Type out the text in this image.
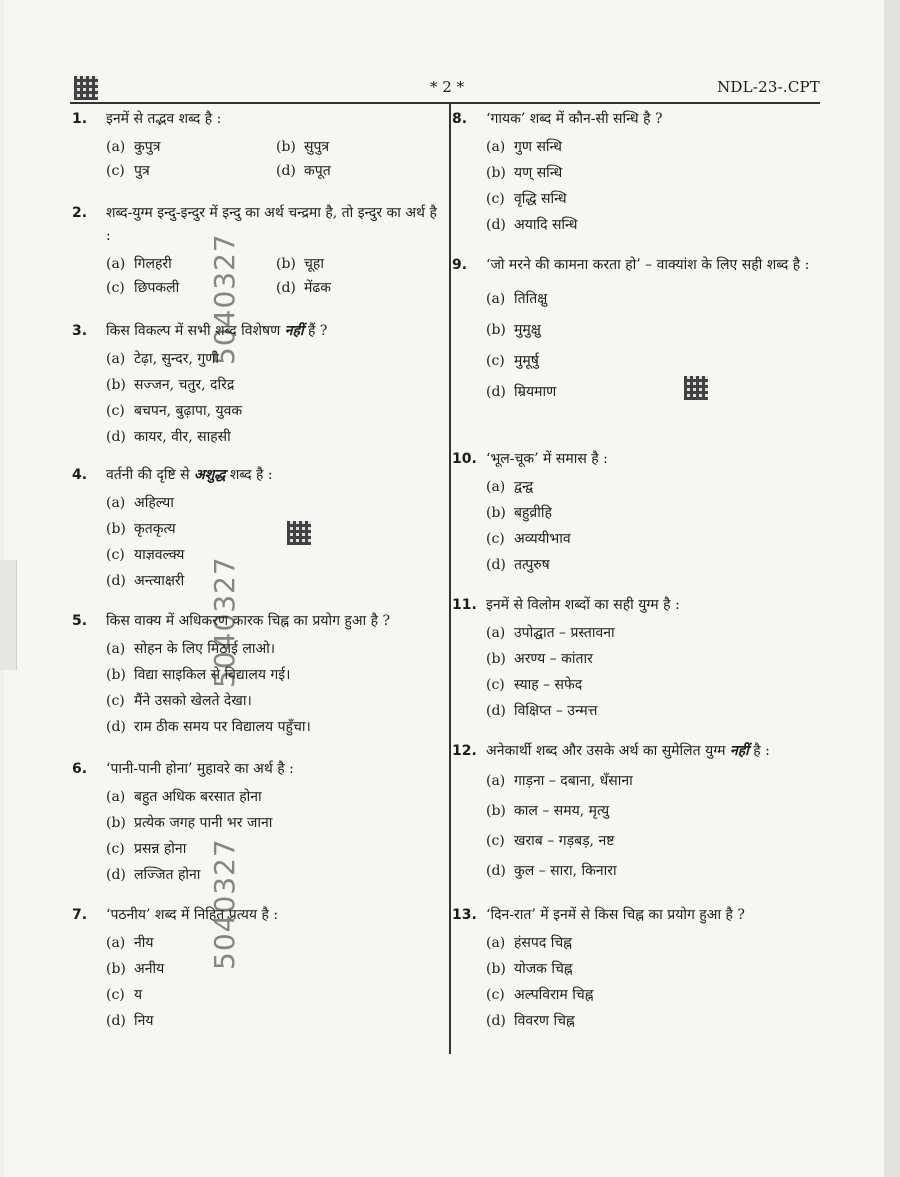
* 2 *	NDL-23-.CPT
1.	इनमें से तद्भव शब्द है :
(a) कुपुत्र	(b) सुपुत्र
(c) पुत्र	(d) कपूत
2.	शब्द-युग्म इन्दु-इन्दुर में इन्दु का अर्थ चन्द्रमा है, तो इन्दुर का अर्थ है :
(a) गिलहरी	(b) चूहा
(c) छिपकली	(d) मेंढक
3.	किस विकल्प में सभी शब्द विशेषण नहीं हैं ?
(a) टेढ़ा, सुन्दर, गुणी
(b) सज्जन, चतुर, दरिद्र
(c) बचपन, बुढ़ापा, युवक
(d) कायर, वीर, साहसी
4.	वर्तनी की दृष्टि से अशुद्ध शब्द है :
(a) अहिल्या
(b) कृतकृत्य
(c) याज्ञवल्क्य
(d) अन्त्याक्षरी
5.	किस वाक्य में अधिकरण कारक चिह्न का प्रयोग हुआ है ?
(a) सोहन के लिए मिठाई लाओ।
(b) विद्या साइकिल से विद्यालय गई।
(c) मैंने उसको खेलते देखा।
(d) राम ठीक समय पर विद्यालय पहुँचा।
6.	‘पानी-पानी होना’ मुहावरे का अर्थ है :
(a) बहुत अधिक बरसात होना
(b) प्रत्येक जगह पानी भर जाना
(c) प्रसन्न होना
(d) लज्जित होना
7.	‘पठनीय’ शब्द में निहित प्रत्यय है :
(a) नीय
(b) अनीय
(c) य
(d) निय
8.	‘गायक’ शब्द में कौन-सी सन्धि है ?
(a) गुण सन्धि
(b) यण् सन्धि
(c) वृद्धि सन्धि
(d) अयादि सन्धि
9.	‘जो मरने की कामना करता हो’ – वाक्यांश के लिए सही शब्द है :
(a) तितिक्षु
(b) मुमुक्षु
(c) मुमूर्षु
(d) म्रियमाण
10. ‘भूल-चूक’ में समास है :
(a) द्वन्द्व
(b) बहुव्रीहि
(c) अव्ययीभाव
(d) तत्पुरुष
11. इनमें से विलोम शब्दों का सही युग्म है :
(a) उपोद्घात – प्रस्तावना
(b) अरण्य – कांतार
(c) स्याह – सफेद
(d) विक्षिप्त – उन्मत्त
12. अनेकार्थी शब्द और उसके अर्थ का सुमेलित युग्म नहीं है :
(a) गाड़ना – दबाना, धँसाना
(b) काल – समय, मृत्यु
(c) खराब – गड़बड़, नष्ट
(d) कुल – सारा, किनारा
13. ‘दिन-रात’ में इनमें से किस चिह्न का प्रयोग हुआ है ?
(a) हंसपद चिह्न
(b) योजक चिह्न
(c) अल्पविराम चिह्न
(d) विवरण चिह्न
5040327
5040327
5040327
